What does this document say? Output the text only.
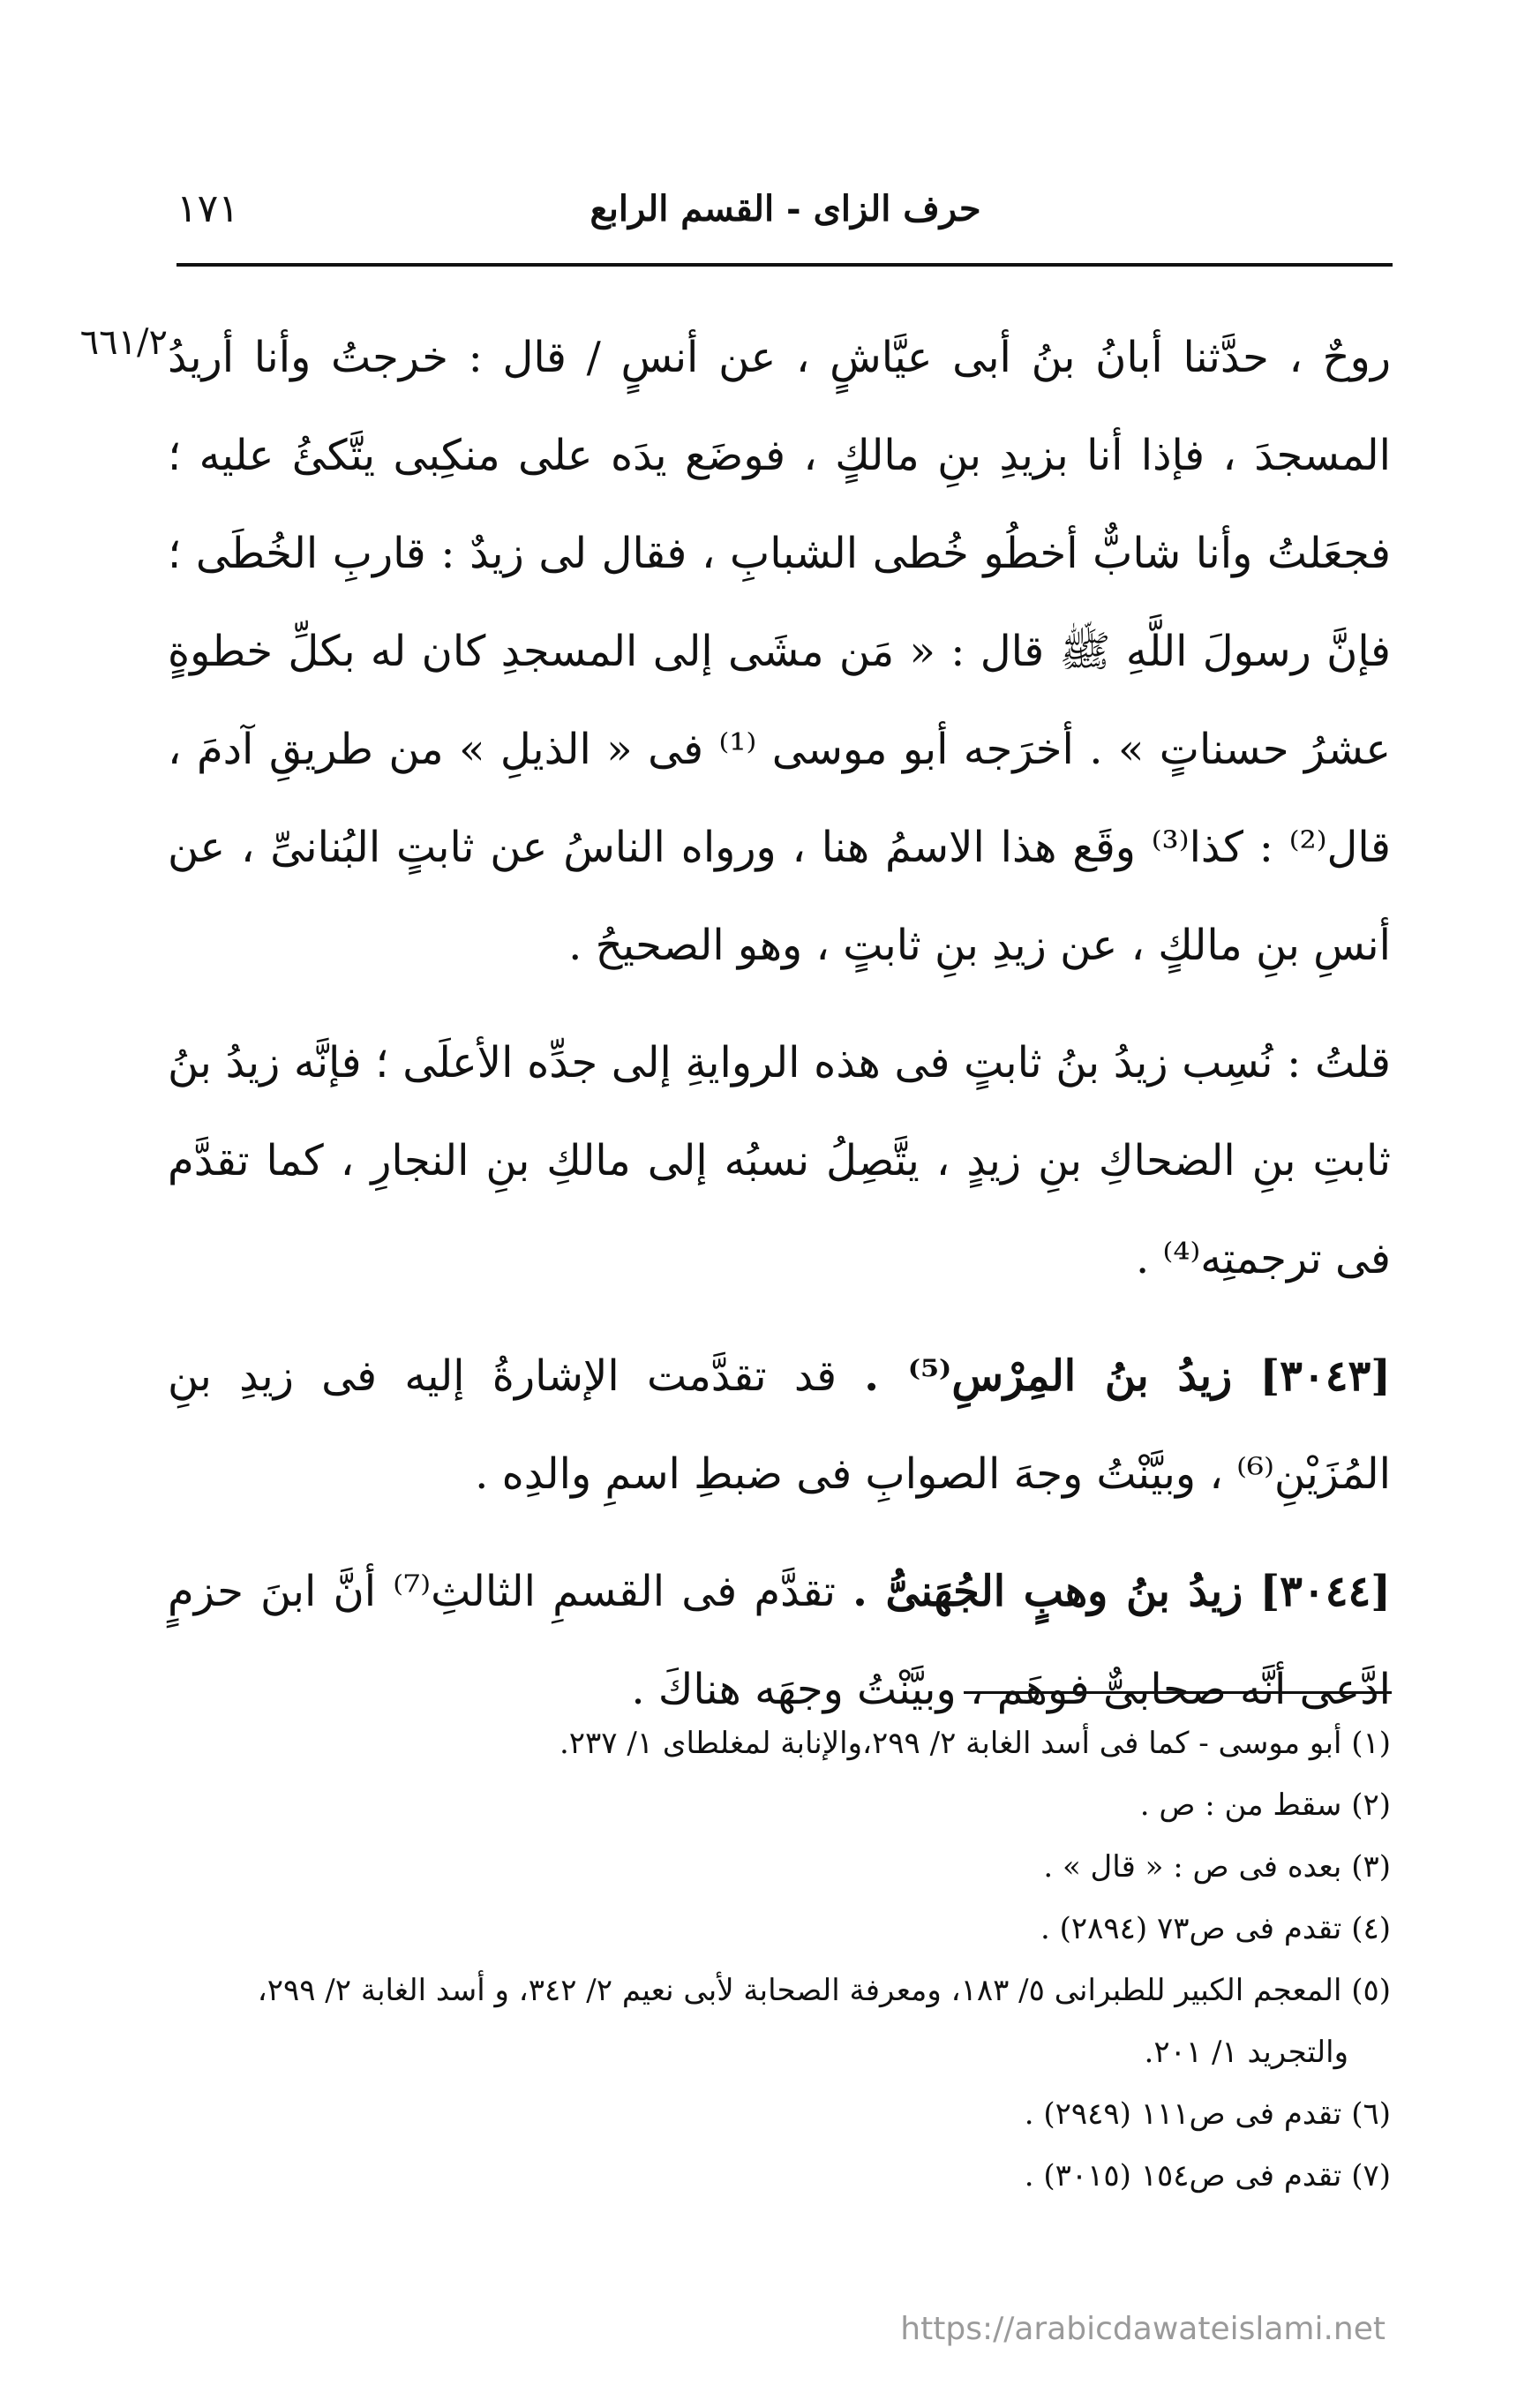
حرف الزاى - القسم الرابع
١٧١
٦٦١/٢ روحٌ ، حدَّثنا أبانُ بنُ أبى عيَّاشٍ ، عن أنسٍ / قال : خرجتُ وأنا أريدُ المسجدَ ، فإذا أنا بزيدِ بنِ مالكٍ ، فوضَع يدَه على منكِبى يتَّكئُ عليه ؛ فجعَلتُ وأنا شابٌّ أخطُو خُطى الشبابِ ، فقال لى زيدٌ : قاربِ الخُطَى ؛ فإنَّ رسولَ اللَّهِ ﷺ قال : « مَن مشَى إلى المسجدِ كان له بكلِّ خطوةٍ عشرُ حسناتٍ » . أخرَجه أبو موسى ⁽¹⁾ فى « الذيلِ » من طريقِ آدمَ ، قال⁽²⁾ : كذا⁽³⁾ وقَع هذا الاسمُ هنا ، ورواه الناسُ عن ثابتٍ البُنانىِّ ، عن أنسِ بنِ مالكٍ ، عن زيدِ بنِ ثابتٍ ، وهو الصحيحُ .

قلتُ : نُسِب زيدُ بنُ ثابتٍ فى هذه الروايةِ إلى جدِّه الأعلَى ؛ فإنَّه زيدُ بنُ ثابتِ بنِ الضحاكِ بنِ زيدٍ ، يتَّصِلُ نسبُه إلى مالكِ بنِ النجارِ ، كما تقدَّم فى ترجمتِه⁽⁴⁾ .

[٣٠٤٣] زيدُ بنُ المِرْسِ⁽⁵⁾ . قد تقدَّمت الإشارةُ إليه فى زيدِ بنِ المُزَيْنِ⁽⁶⁾ ، وبيَّنْتُ وجهَ الصوابِ فى ضبطِ اسمِ والدِه .

[٣٠٤٤] زيدُ بنُ وهبٍ الجُهَنىُّ . تقدَّم فى القسمِ الثالثِ⁽⁷⁾ أنَّ ابنَ حزمٍ ادَّعى أنَّه صحابىٌّ فوهَم ، وبيَّنْتُ وجهَه هناكَ .

(١) أبو موسى - كما فى أسد الغابة ٢/ ٢٩٩،والإنابة لمغلطاى ١/ ٢٣٧.

(٢) سقط من : ص .

(٣) بعده فى ص : « قال » .

(٤) تقدم فى ص٧٣ (٢٨٩٤) .

(٥) المعجم الكبير للطبرانى ٥/ ١٨٣، ومعرفة الصحابة لأبى نعيم ٢/ ٣٤٢، و أسد الغابة ٢/ ٢٩٩،

والتجريد ١/ ٢٠١.

(٦) تقدم فى ص١١١ (٢٩٤٩) .

(٧) تقدم فى ص١٥٤ (٣٠١٥) .

https://arabicdawateislami.net
